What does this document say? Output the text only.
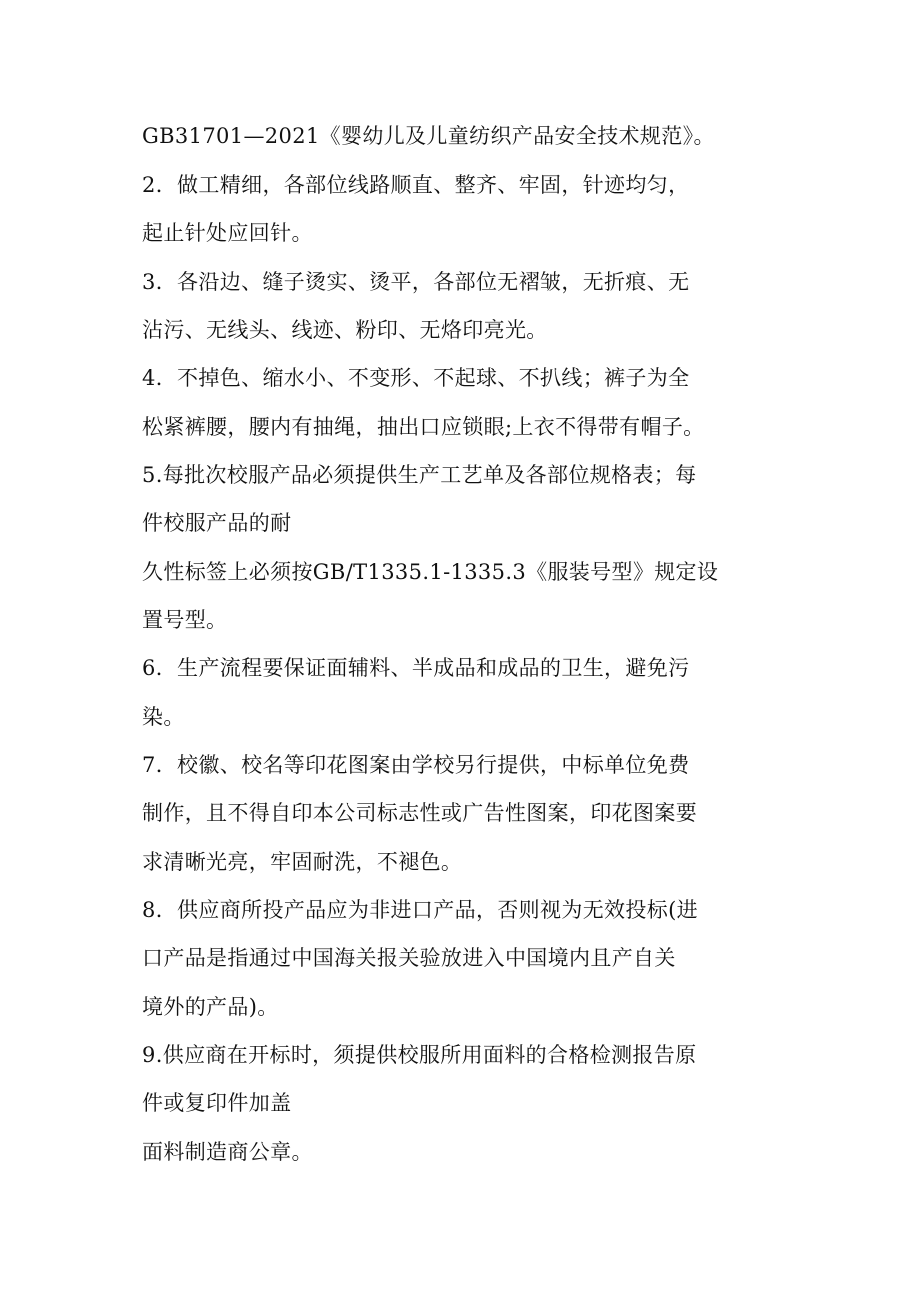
GB31701—2021《婴幼儿及儿童纺织产品安全技术规范》。
2．做工精细，各部位线路顺直、整齐、牢固，针迹均匀，
起止针处应回针。
3．各沿边、缝子烫实、烫平，各部位无褶皱，无折痕、无
沾污、无线头、线迹、粉印、无烙印亮光。
4．不掉色、缩水小、不变形、不起球、不扒线；裤子为全
松紧裤腰，腰内有抽绳，抽出口应锁眼;上衣不得带有帽子。
5.每批次校服产品必须提供生产工艺单及各部位规格表；每
件校服产品的耐
久性标签上必须按GB/T1335.1-1335.3《服装号型》规定设
置号型。
6．生产流程要保证面辅料、半成品和成品的卫生，避免污
染。
7．校徽、校名等印花图案由学校另行提供，中标单位免费
制作，且不得自印本公司标志性或广告性图案，印花图案要
求清晰光亮，牢固耐洗，不褪色。
8．供应商所投产品应为非进口产品，否则视为无效投标(进
口产品是指通过中国海关报关验放进入中国境内且产自关
境外的产品)。
9.供应商在开标时，须提供校服所用面料的合格检测报告原
件或复印件加盖
面料制造商公章。
